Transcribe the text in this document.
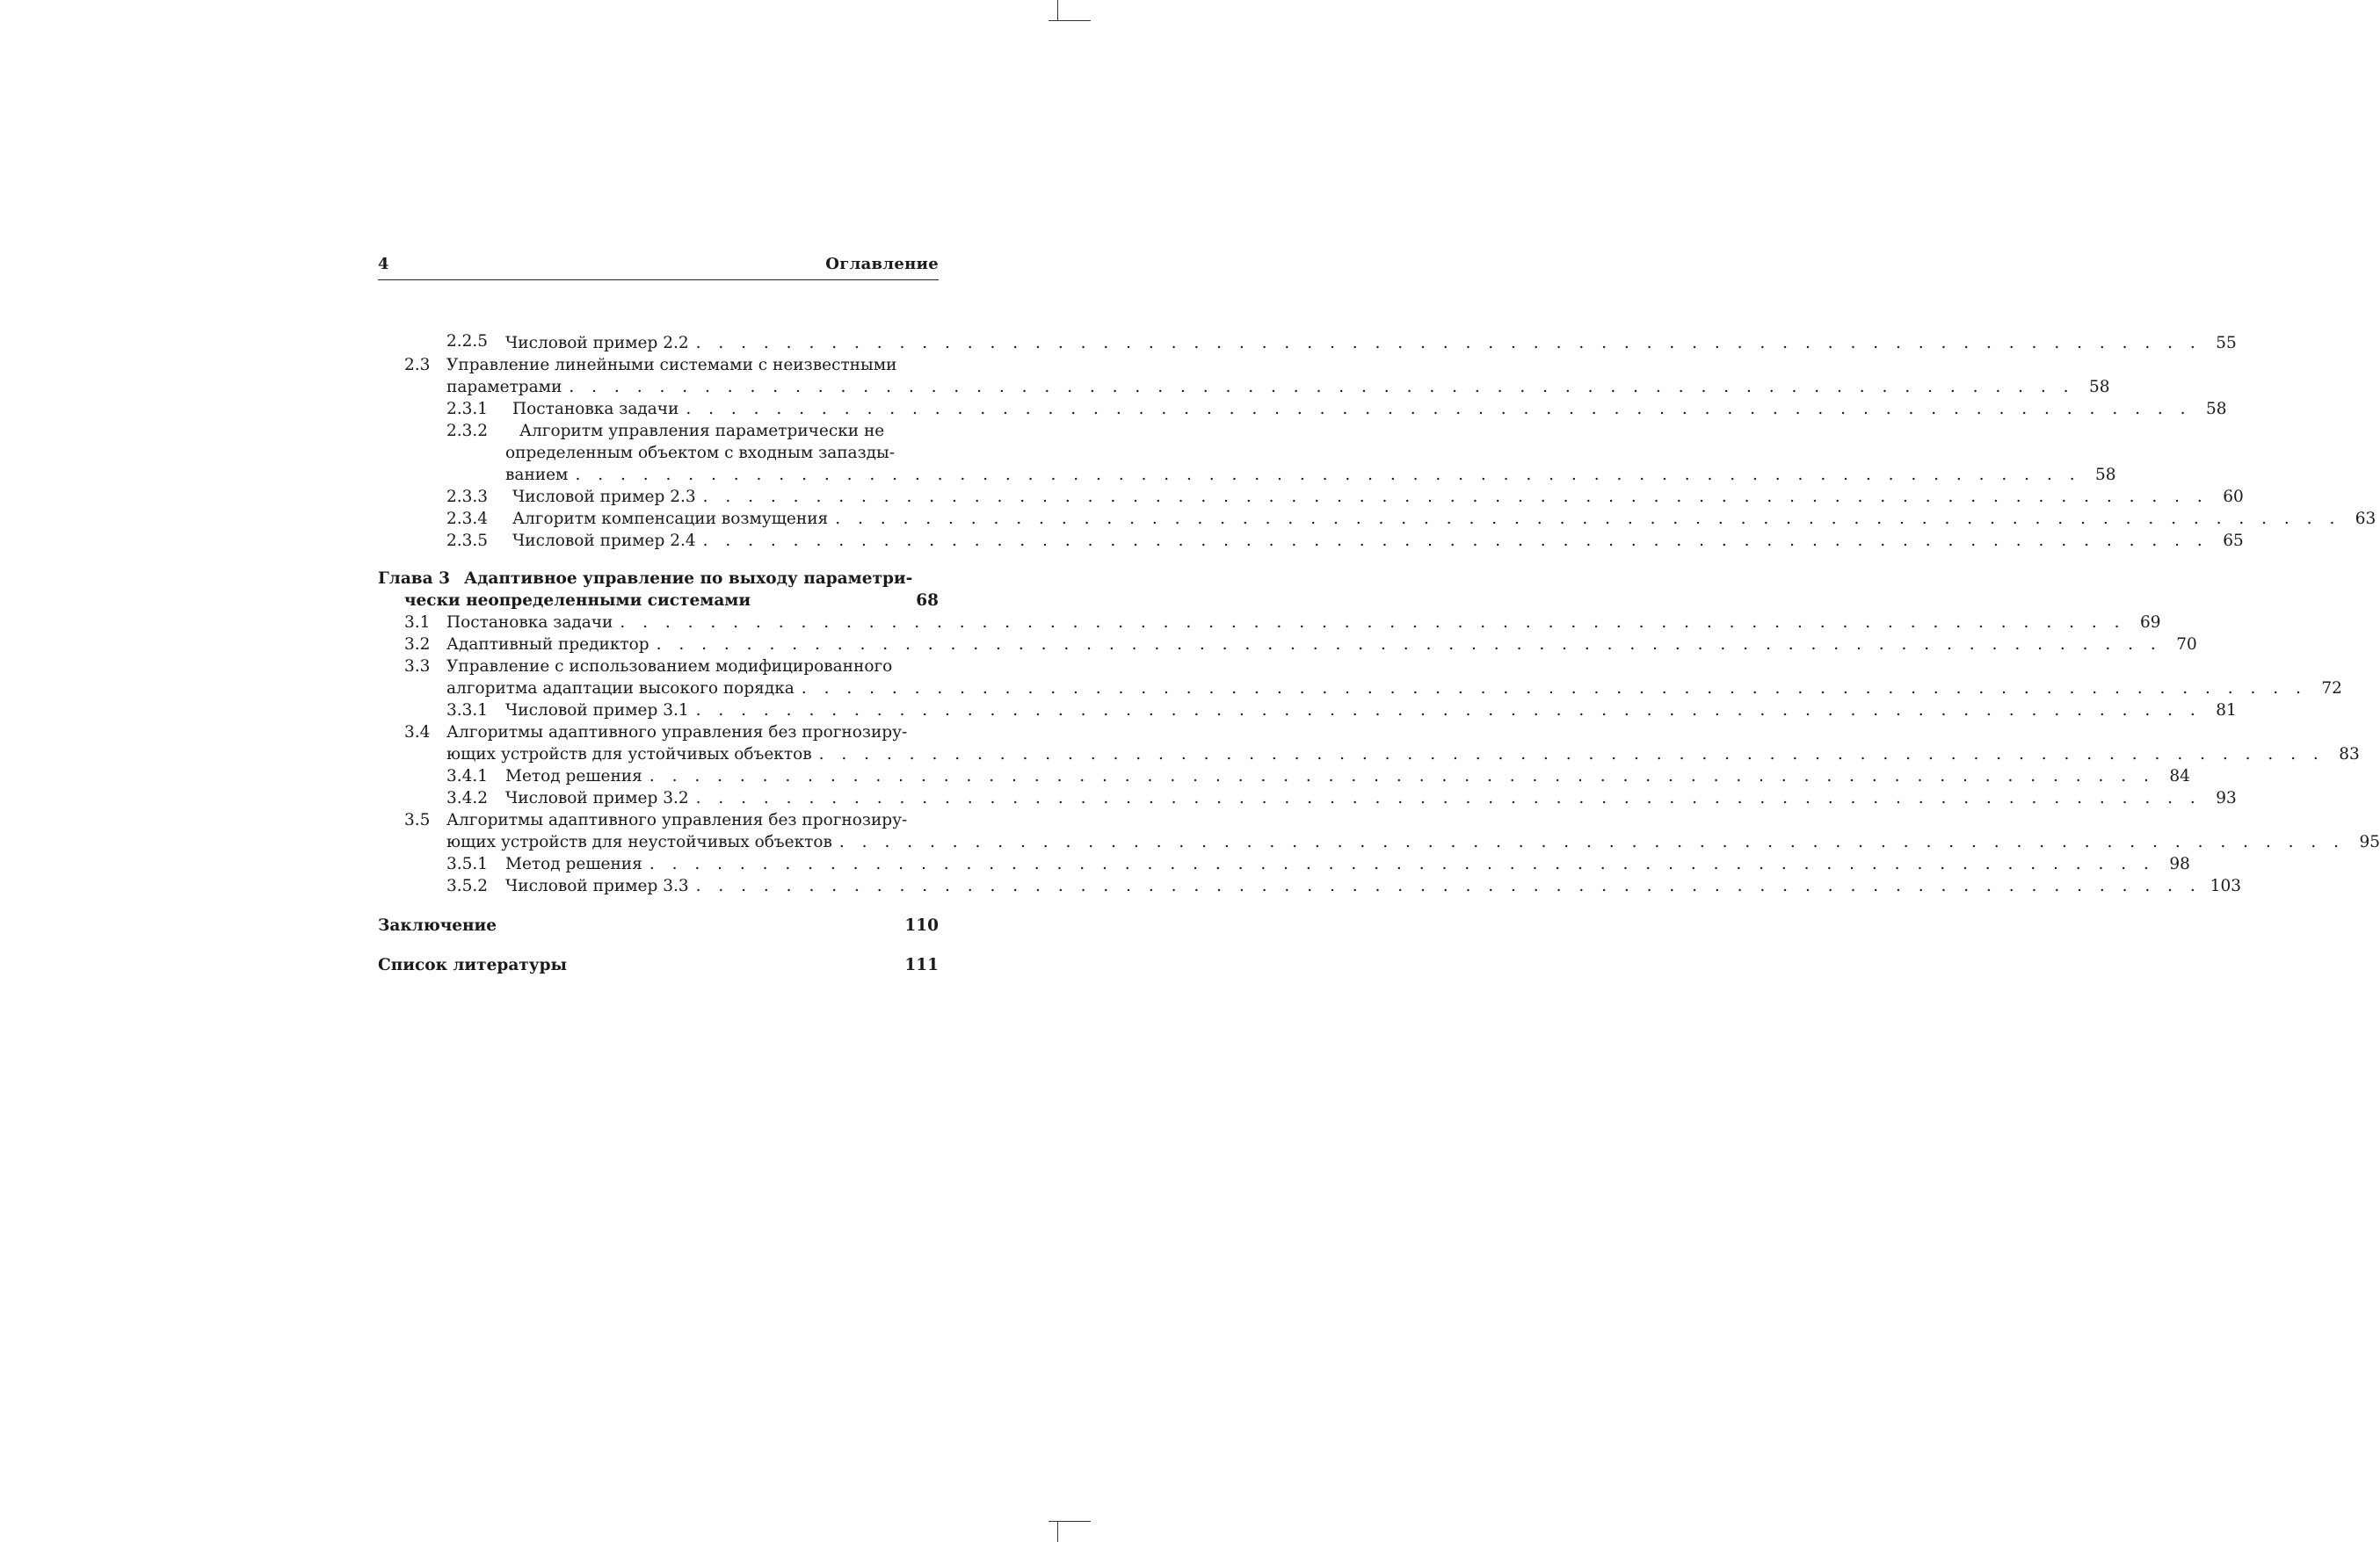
4	Оглавление
2.2.5	Числовой пример 2.2 . . .	55
2.3	Управление линейными системами с неизвестными
параметрами . . .	58
2.3.1	Постановка задачи . . .	58
2.3.2	Алгоритм управления параметрически не
определенным объектом с входным запазды-
ванием . . .	58
2.3.3	Числовой пример 2.3 . . .	60
2.3.4	Алгоритм компенсации возмущения . . .	63
2.3.5	Числовой пример 2.4 . . .	65
Глава 3 Адаптивное управление по выходу параметри-
чески неопределенными системами	68
3.1	Постановка задачи . . .	69
3.2	Адаптивный предиктор . . .	70
3.3	Управление с использованием модифицированного
алгоритма адаптации высокого порядка . . .	72
3.3.1	Числовой пример 3.1 . . .	81
3.4	Алгоритмы адаптивного управления без прогнозиру-
ющих устройств для устойчивых объектов . . .	83
3.4.1	Метод решения . . .	84
3.4.2	Числовой пример 3.2 . . .	93
3.5	Алгоритмы адаптивного управления без прогнозиру-
ющих устройств для неустойчивых объектов . . .	95
3.5.1	Метод решения . . .	98
3.5.2	Числовой пример 3.3 . . .	103
Заключение	110
Список литературы	111
